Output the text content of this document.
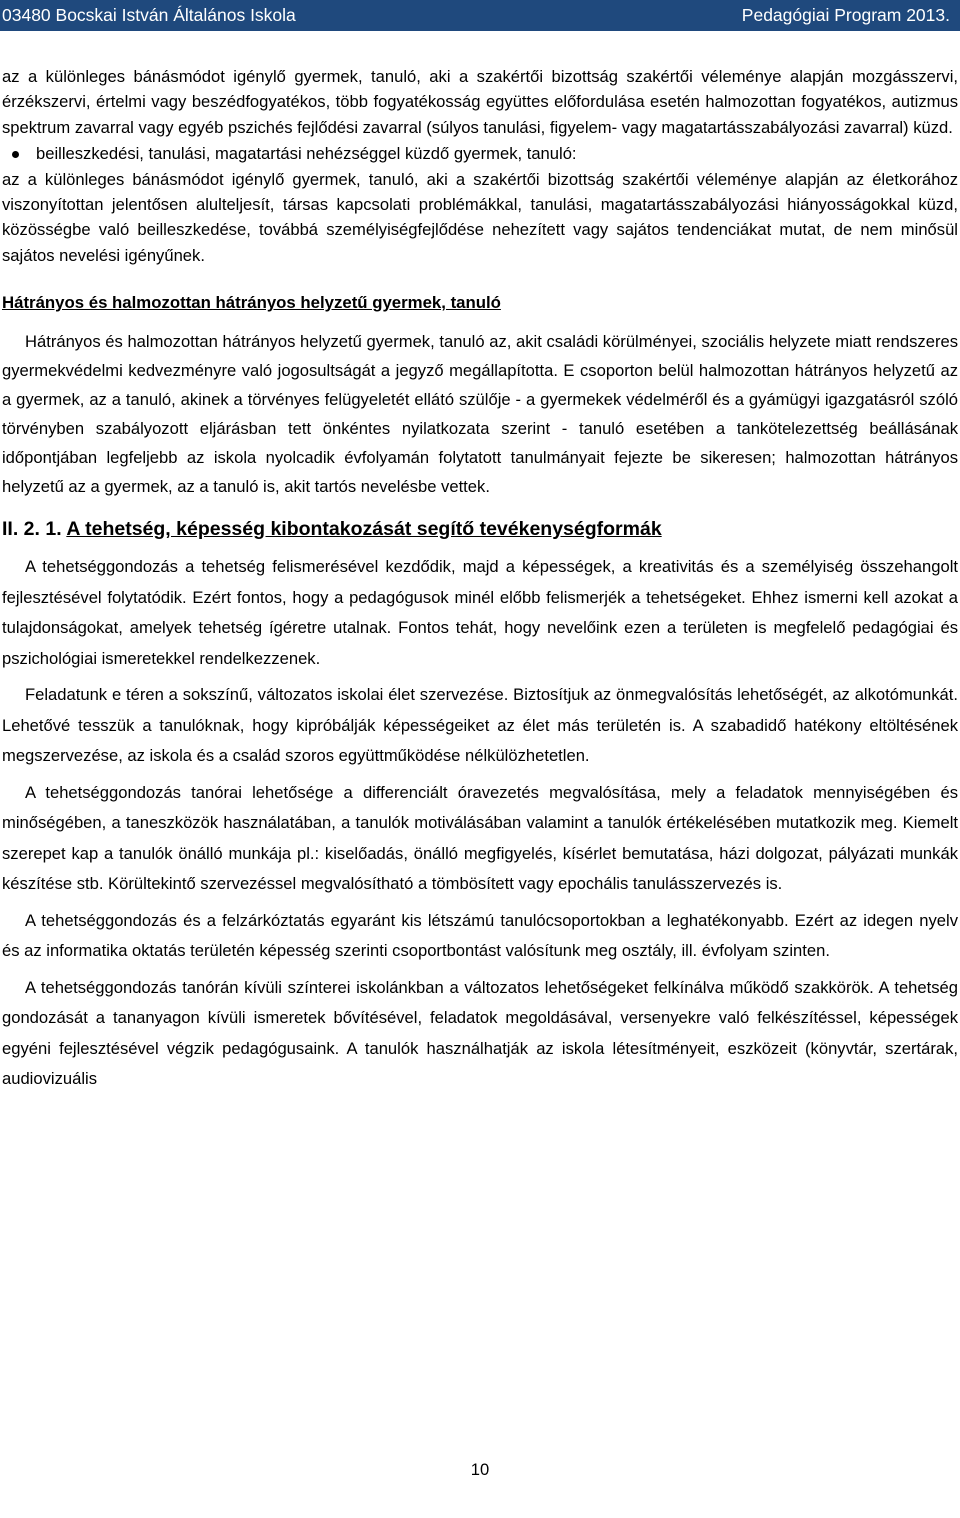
03480 Bocskai István Általános Iskola	Pedagógiai Program 2013.

az a különleges bánásmódot igénylő gyermek, tanuló, aki a szakértői bizottság szakértői véleménye alapján mozgásszervi, érzékszervi, értelmi vagy beszédfogyatékos, több fogyatékosság együttes előfordulása esetén halmozottan fogyatékos, autizmus spektrum zavarral vagy egyéb pszichés fejlődési zavarral (súlyos tanulási, figyelem- vagy magatartásszabályozási zavarral) küzd.

beilleszkedési, tanulási, magatartási nehézséggel küzdő gyermek, tanuló:

az a különleges bánásmódot igénylő gyermek, tanuló, aki a szakértői bizottság szakértői véleménye alapján az életkorához viszonyítottan jelentősen alulteljesít, társas kapcsolati problémákkal, tanulási, magatartásszabályozási hiányosságokkal küzd, közösségbe való beilleszkedése, továbbá személyiségfejlődése nehezített vagy sajátos tendenciákat mutat, de nem minősül sajátos nevelési igényűnek.

Hátrányos és halmozottan hátrányos helyzetű gyermek, tanuló

Hátrányos és halmozottan hátrányos helyzetű gyermek, tanuló az, akit családi körülményei, szociális helyzete miatt rendszeres gyermekvédelmi kedvezményre való jogosultságát a jegyző megállapította. E csoporton belül halmozottan hátrányos helyzetű az a gyermek, az a tanuló, akinek a törvényes felügyeletét ellátó szülője - a gyermekek védelméről és a gyámügyi igazgatásról szóló törvényben szabályozott eljárásban tett önkéntes nyilatkozata szerint - tanuló esetében a tankötelezettség beállásának időpontjában legfeljebb az iskola nyolcadik évfolyamán folytatott tanulmányait fejezte be sikeresen; halmozottan hátrányos helyzetű az a gyermek, az a tanuló is, akit tartós nevelésbe vettek.

II. 2. 1. A tehetség, képesség kibontakozását segítő tevékenységformák

A tehetséggondozás a tehetség felismerésével kezdődik, majd a képességek, a kreativitás és a személyiség összehangolt fejlesztésével folytatódik. Ezért fontos, hogy a pedagógusok minél előbb felismerjék a tehetségeket. Ehhez ismerni kell azokat a tulajdonságokat, amelyek tehetség ígéretre utalnak. Fontos tehát, hogy nevelőink ezen a területen is megfelelő pedagógiai és pszichológiai ismeretekkel rendelkezzenek.

Feladatunk e téren a sokszínű, változatos iskolai élet szervezése. Biztosítjuk az önmegvalósítás lehetőségét, az alkotómunkát. Lehetővé tesszük a tanulóknak, hogy kipróbálják képességeiket az élet más területén is. A szabadidő hatékony eltöltésének megszervezése, az iskola és a család szoros együttműködése nélkülözhetetlen.

A tehetséggondozás tanórai lehetősége a differenciált óravezetés megvalósítása, mely a feladatok mennyiségében és minőségében, a taneszközök használatában, a tanulók motiválásában valamint a tanulók értékelésében mutatkozik meg. Kiemelt szerepet kap a tanulók önálló munkája pl.: kiselőadás, önálló megfigyelés, kísérlet bemutatása, házi dolgozat, pályázati munkák készítése stb. Körültekintő szervezéssel megvalósítható a tömbösített vagy epochális tanulásszervezés is.

A tehetséggondozás és a felzárkóztatás egyaránt kis létszámú tanulócsoportokban a leghatékonyabb. Ezért az idegen nyelv és az informatika oktatás területén képesség szerinti csoportbontást valósítunk meg osztály, ill. évfolyam szinten.

A tehetséggondozás tanórán kívüli színterei iskolánkban a változatos lehetőségeket felkínálva működő szakkörök. A tehetség gondozását a tananyagon kívüli ismeretek bővítésével, feladatok megoldásával, versenyekre való felkészítéssel, képességek egyéni fejlesztésével végzik pedagógusaink. A tanulók használhatják az iskola létesítményeit, eszközeit (könyvtár, szertárak, audiovizuális

10
